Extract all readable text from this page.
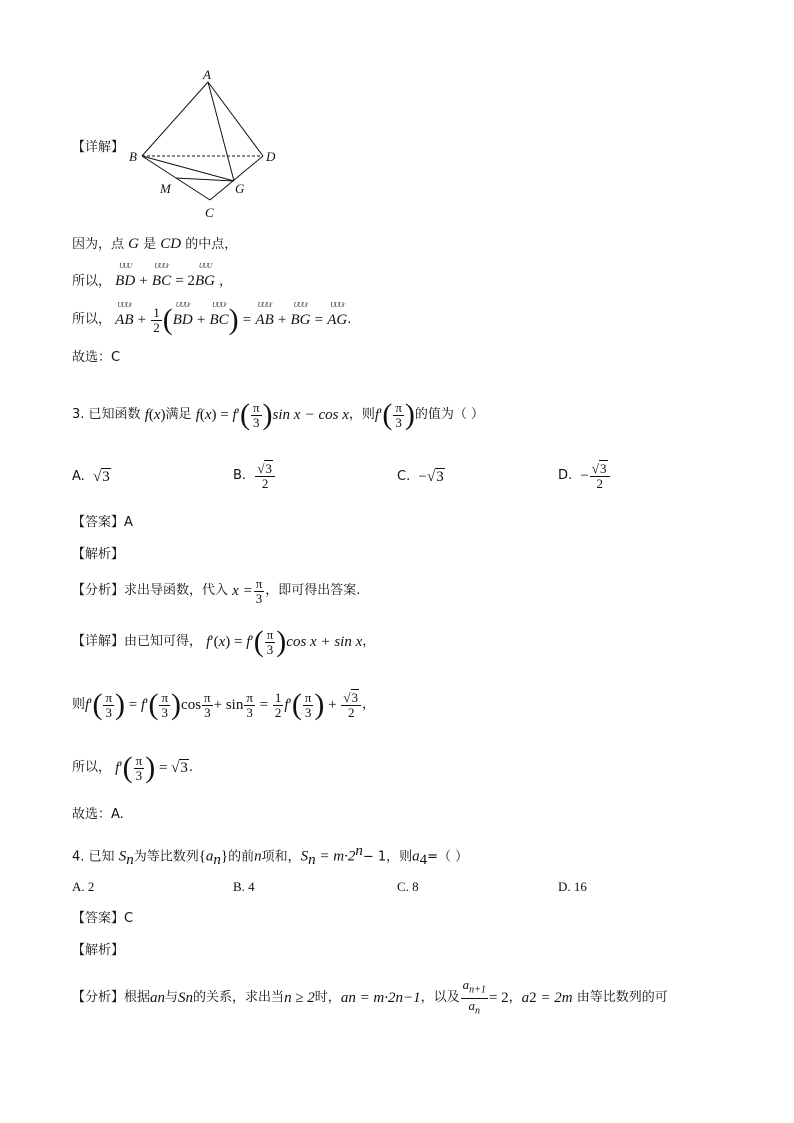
A
B	D
M	G
C
【详解】
因为，点 G 是 CD 的中点，
所以，
UUU
BD +
UUUr
BC = 2
UUU
BG ，
所以，
UUUr
AB + $\frac{1}{2}$ ( UUUr
BD +
UUUr
BC) =
UUUr
AB +
UUUr
BG =
UUUr
AG.
故选：C
3. 已知函数
f ( x ) 满足
f ( x ) = f ′ ( $\frac{\pi}{3}$ ) sin x
− cos x ，则 f ′ ( $\frac{\pi}{3}$ ) 的值为（ ）
A.
√3	B.
$\frac{√3}{2}$	C.
− √3	D.
− $\frac{√3}{2}$
【答案】A
【解析】
【分析】 求出导函数，代入
$x = \frac{\pi}{3}$ ，即可得出答案.
【详解】 由已知可得，
f ′ ( x ) = f ′ ( $\frac{\pi}{3}$ ) cos x + sin x ，
则 f ′ ( $\frac{\pi}{3}$ )
=
f ′ ( $\frac{\pi}{3}$ ) $\cos \frac{\pi}{3} + \sin \frac{\pi}{3}$
=
$\frac{1}{2}$ f ′ ( $\frac{\pi}{3}$ )
+
$\frac{√3}{2}$ ，
所以，
f ′ ( $\frac{\pi}{3}$ )
=
√3 .
故选：A.
4. 已知 $S_n$为等比数列$\{a_n\}$的前n项和，$S_n = m\cdot 2^n- 1$，则$a_4=$（ ）
A. 2	B. 4	C. 8	D. 16
【答案】C
【解析】
【分析】 根据 a n 与 S n 的关系，求出当 n ≥ 2 时， a n
= m·2 n−1 ，以及 $\frac{a_{n+1}}{a_n} = 2$ ， a 2
= 2m
由等比数列的可
